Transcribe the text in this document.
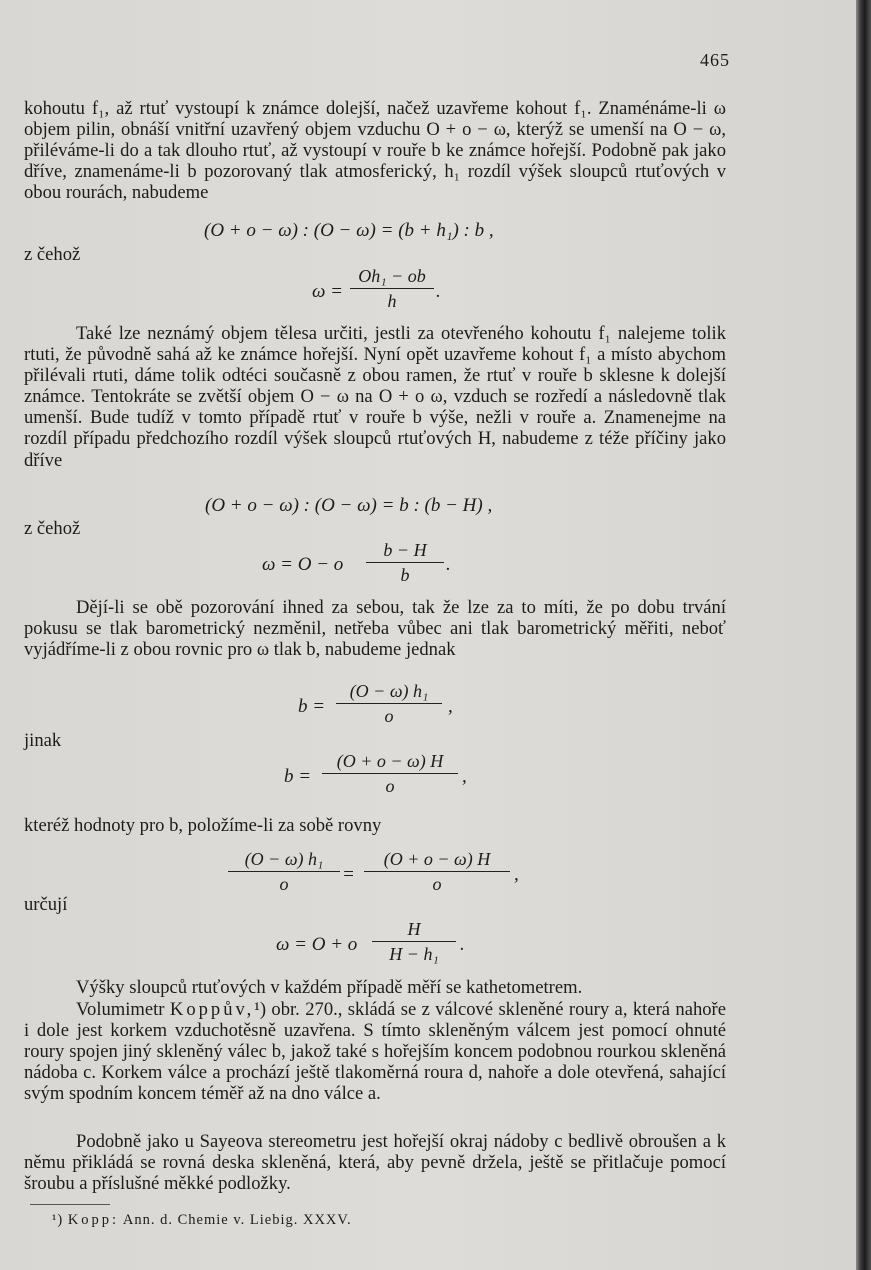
465
kohoutu f₁, až rtuť vystoupí k známce dolejší, načež uzavřeme kohout f₁. Znaménáme-li ω objem pilin, obnáší vnitřní uzavřený objem vzduchu O + o − ω, kterýž se umenší na O − ω, přiléváme-li do a tak dlouho rtuť, až vystoupí v rouře b ke známce hořejší. Podobně pak jako dříve, znamenáme-li b pozorovaný tlak atmosferický, h₁ rozdíl výšek sloupců rtuťových v obou rourách, nabudeme
(O + o − ω) : (O − ω) = (b + h₁) : b ,
z čehož
ω =
Oh₁ − ob
h	.
Také lze neznámý objem tělesa určiti, jestli za otevřeného kohoutu f₁ nalejeme tolik rtuti, že původně sahá až ke známce hořejší. Nyní opět uzavřeme kohout f₁ a místo abychom přilévali rtuti, dáme tolik odtéci současně z obou ramen, že rtuť v rouře b sklesne k dolejší známce. Tentokráte se zvětší objem O − ω na O + o ω, vzduch se rozředí a následovně tlak umenší. Bude tudíž v tomto případě rtuť v rouře b výše, nežli v rouře a. Znamenejme na rozdíl případu předchozího rozdíl výšek sloupců rtuťových H, nabudeme z téže příčiny jako dříve
(O + o − ω) : (O − ω) = b : (b − H) ,
z čehož
ω = O − o
b − H
b	.
Dějí-li se obě pozorování ihned za sebou, tak že lze za to míti, že po dobu trvání pokusu se tlak barometrický nezměnil, netřeba vůbec ani tlak barometrický měřiti, neboť vyjádříme-li z obou rovnic pro ω tlak b, nabudeme jednak
b =
(O − ω) h₁
o	,
jinak
b =
(O + o − ω) H
o	,
kteréž hodnoty pro b, položíme-li za sobě rovny
(O − ω) h₁
o	=
(O + o − ω) H
o	,
určují
ω = O + o
H
H − h₁	.
Výšky sloupců rtuťových v každém případě měří se kathetometrem.
Volumimetr Koppův,¹) obr. 270., skládá se z válcové skleněné roury a, která nahoře i dole jest korkem vzduchotěsně uzavřena. S tímto skleněným válcem jest pomocí ohnuté roury spojen jiný skleněný válec b, jakož také s hořejším koncem podobnou rourkou skleněná nádoba c. Korkem válce a prochází ještě tlakoměrná roura d, nahoře a dole otevřená, sahající svým spodním koncem téměř až na dno válce a.
Podobně jako u Sayeova stereometru jest hořejší okraj nádoby c bedlivě obroušen a k němu přikládá se rovná deska skleněná, která, aby pevně držela, ještě se přitlačuje pomocí šroubu a příslušné měkké podložky.
¹) Kopp: Ann. d. Chemie v. Liebig. XXXV.
